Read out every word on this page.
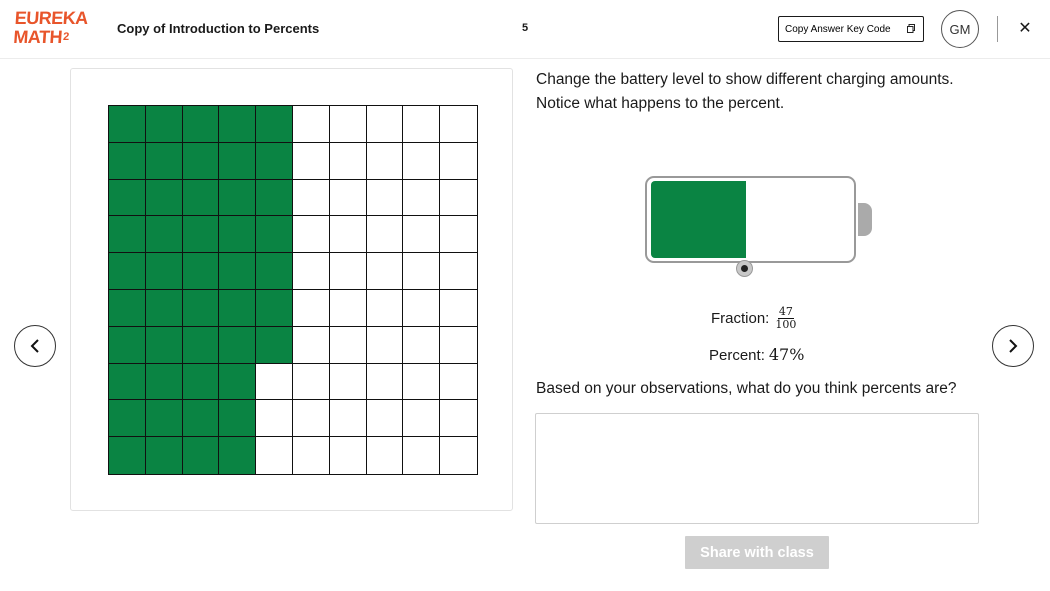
EUREKA
MATH$^2$
Copy of Introduction to Percents	5	Copy Answer Key Code	GM	✕
Change the battery level to show different charging amounts. Notice what happens to the percent.
Fraction: $\frac{47}{100}$
Percent: 47%
Based on your observations, what do you think percents are?
Share with class
